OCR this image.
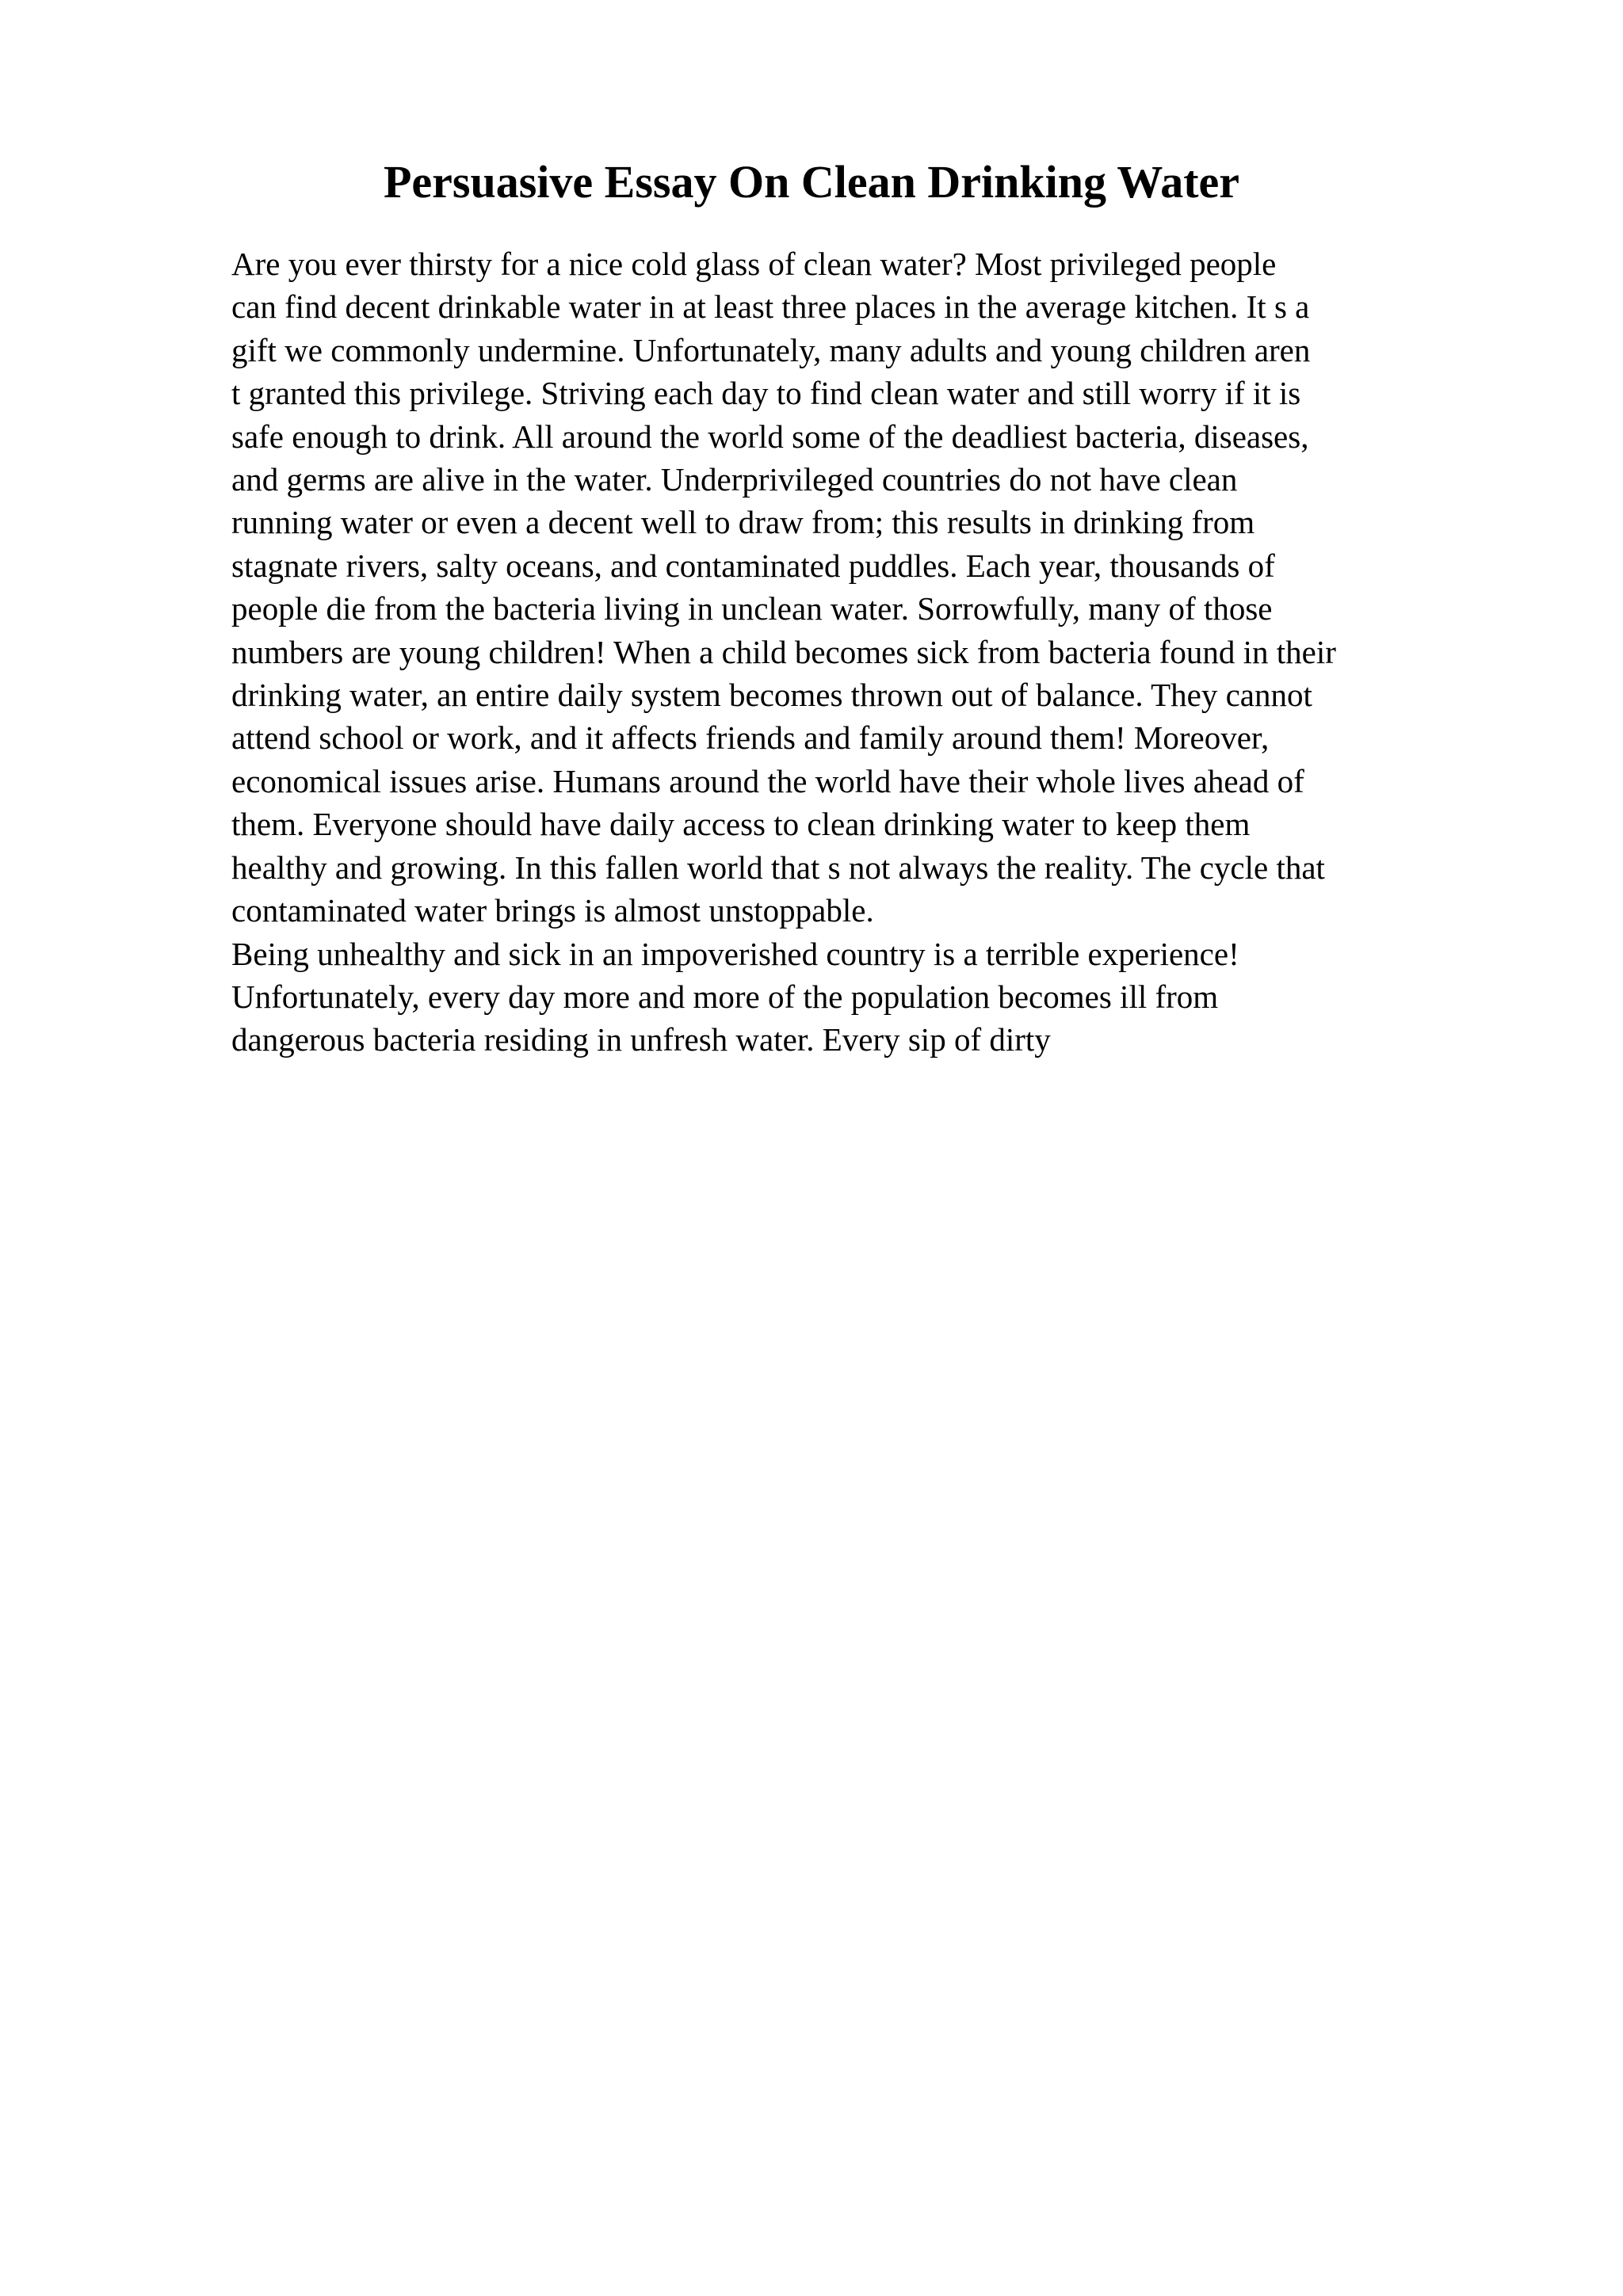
Persuasive Essay On Clean Drinking Water
Are you ever thirsty for a nice cold glass of clean water? Most privileged people
can find decent drinkable water in at least three places in the average kitchen. It s a
gift we commonly undermine. Unfortunately, many adults and young children aren
t granted this privilege. Striving each day to find clean water and still worry if it is
safe enough to drink. All around the world some of the deadliest bacteria, diseases,
and germs are alive in the water. Underprivileged countries do not have clean
running water or even a decent well to draw from; this results in drinking from
stagnate rivers, salty oceans, and contaminated puddles. Each year, thousands of
people die from the bacteria living in unclean water. Sorrowfully, many of those
numbers are young children! When a child becomes sick from bacteria found in their
drinking water, an entire daily system becomes thrown out of balance. They cannot
attend school or work, and it affects friends and family around them! Moreover,
economical issues arise. Humans around the world have their whole lives ahead of
them. Everyone should have daily access to clean drinking water to keep them
healthy and growing. In this fallen world that s not always the reality. The cycle that
contaminated water brings is almost unstoppable.
Being unhealthy and sick in an impoverished country is a terrible experience!
Unfortunately, every day more and more of the population becomes ill from
dangerous bacteria residing in unfresh water. Every sip of dirty
